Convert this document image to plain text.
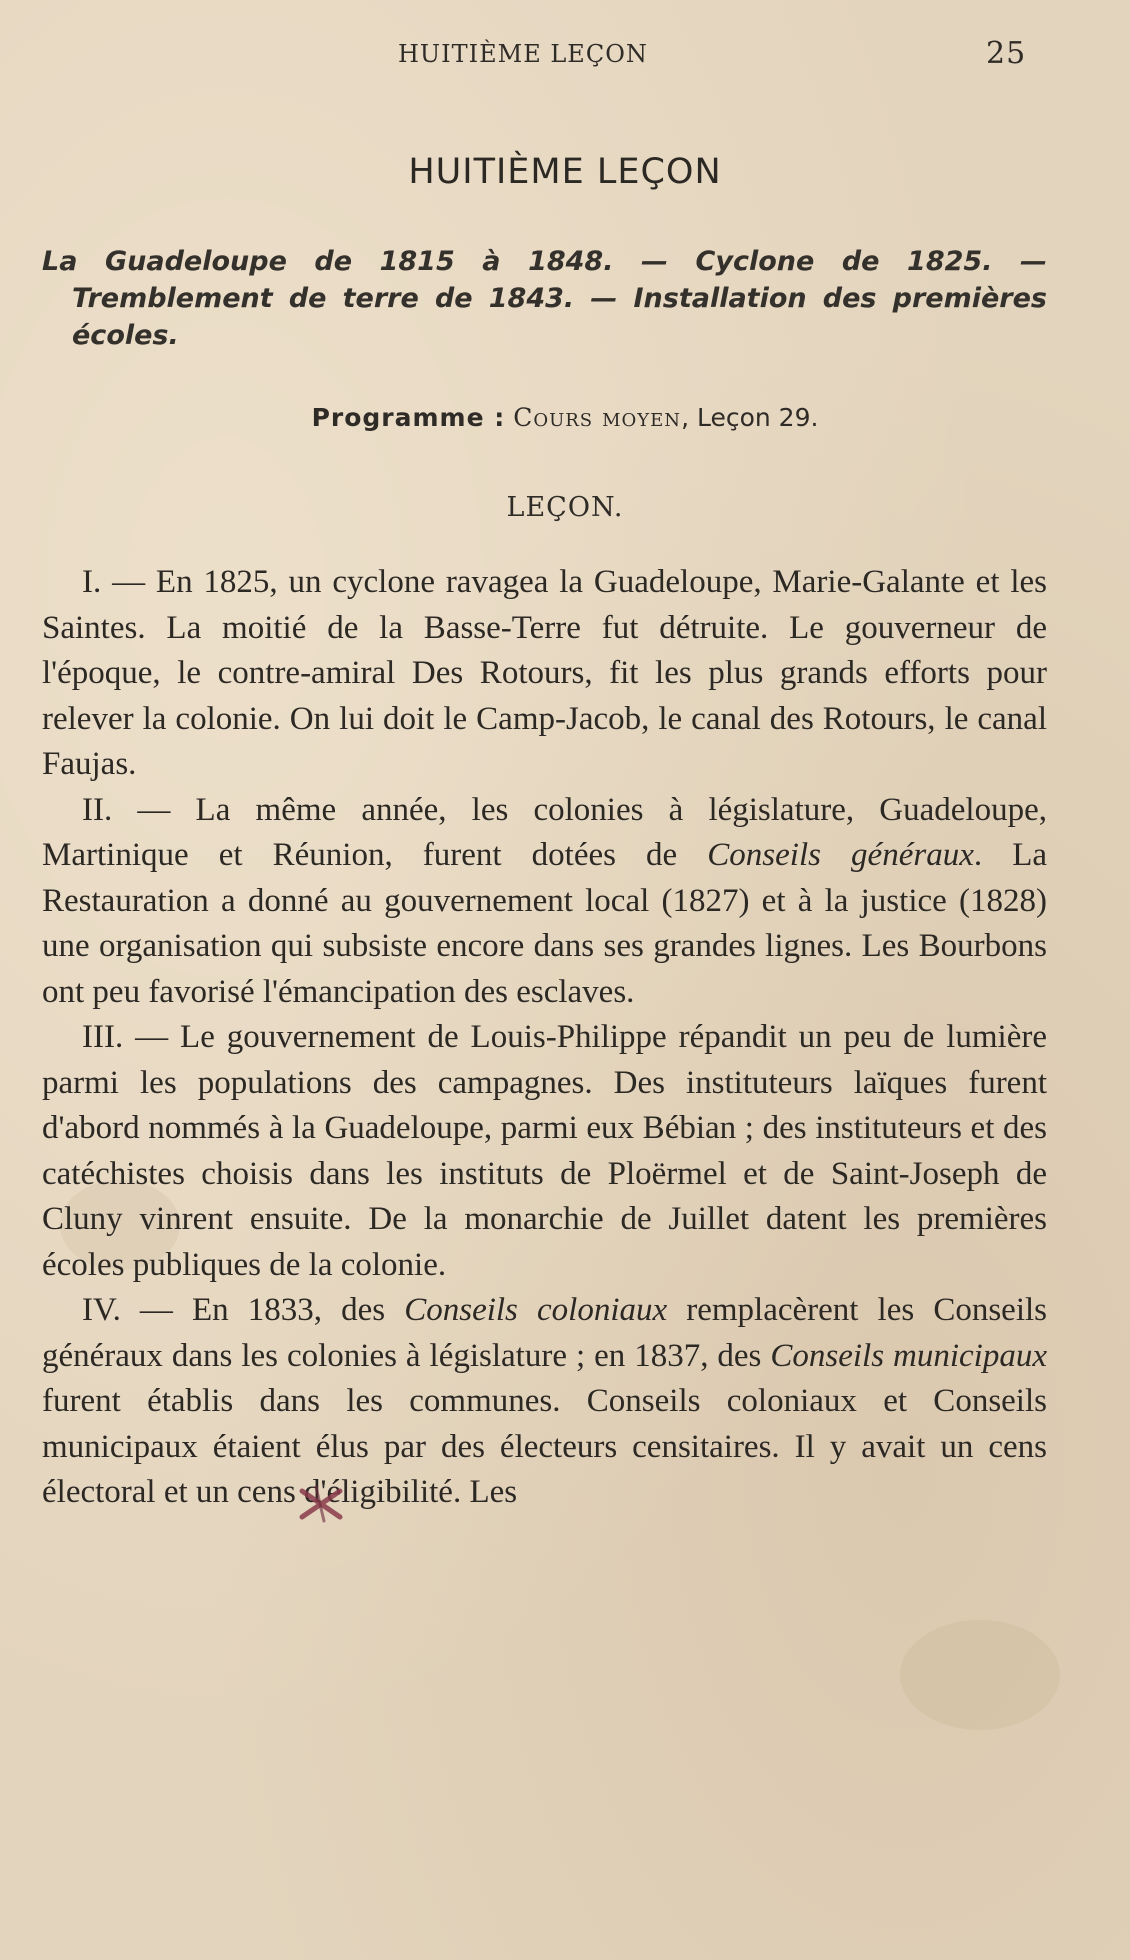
HUITIÈME LEÇON	25
HUITIÈME LEÇON
La Guadeloupe de 1815 à 1848. — Cyclone de 1825. — Tremblement de terre de 1843. — Installation des premières écoles.
Programme : Cours moyen, Leçon 29.
LEÇON.

I. — En 1825, un cyclone ravagea la Guadeloupe, Marie-Galante et les Saintes. La moitié de la Basse-Terre fut détruite. Le gouverneur de l'époque, le contre-amiral Des Rotours, fit les plus grands efforts pour relever la colonie. On lui doit le Camp-Jacob, le canal des Rotours, le canal Faujas.

II. — La même année, les colonies à législature, Guadeloupe, Martinique et Réunion, furent dotées de Conseils généraux. La Restauration a donné au gouvernement local (1827) et à la justice (1828) une organisation qui subsiste encore dans ses grandes lignes. Les Bourbons ont peu favorisé l'émancipation des esclaves.

III. — Le gouvernement de Louis-Philippe répandit un peu de lumière parmi les populations des campagnes. Des instituteurs laïques furent d'abord nommés à la Guadeloupe, parmi eux Bébian ; des instituteurs et des catéchistes choisis dans les instituts de Ploërmel et de Saint-Joseph de Cluny vinrent ensuite. De la monarchie de Juillet datent les premières écoles publiques de la colonie.

IV. — En 1833, des Conseils coloniaux remplacèrent les Conseils généraux dans les colonies à législature ; en 1837, des Conseils municipaux furent établis dans les communes. Conseils coloniaux et Conseils municipaux étaient élus par des électeurs censitaires. Il y avait un cens électoral et un cens d'éligibilité. Les
